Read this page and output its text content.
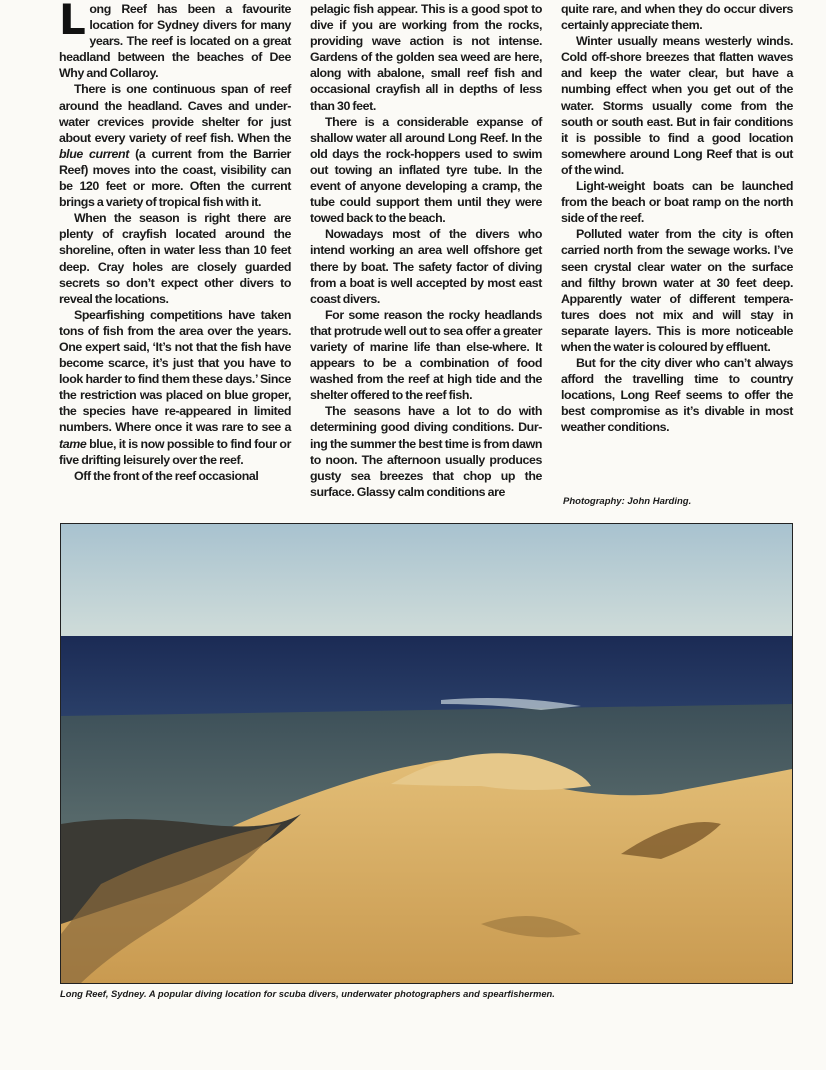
Long Reef has been a favourite location for Sydney divers for many years. The reef is located on a great headland between the beaches of Dee Why and Collaroy.

There is one continuous span of reef around the headland. Caves and under-water crevices provide shelter for just about every variety of reef fish. When the blue current (a current from the Barrier Reef) moves into the coast, visibility can be 120 feet or more. Often the current brings a variety of tropical fish with it.

When the season is right there are plenty of crayfish located around the shoreline, often in water less than 10 feet deep. Cray holes are closely guarded secrets so don’t expect other divers to reveal the locations.

Spearfishing competitions have taken tons of fish from the area over the years. One expert said, ‘It’s not that the fish have become scarce, it’s just that you have to look harder to find them these days.’ Since the restriction was placed on blue groper, the species have re-appeared in limited numbers. Where once it was rare to see a tame blue, it is now possible to find four or five drifting leisurely over the reef.

Off the front of the reef occasional

pelagic fish appear. This is a good spot to dive if you are working from the rocks, providing wave action is not intense. Gardens of the golden sea weed are here, along with abalone, small reef fish and occasional crayfish all in depths of less than 30 feet.

There is a considerable expanse of shallow water all around Long Reef. In the old days the rock-hoppers used to swim out towing an inflated tyre tube. In the event of anyone developing a cramp, the tube could support them until they were towed back to the beach.

Nowadays most of the divers who intend working an area well offshore get there by boat. The safety factor of diving from a boat is well accepted by most east coast divers.

For some reason the rocky headlands that protrude well out to sea offer a greater variety of marine life than else-where. It appears to be a combination of food washed from the reef at high tide and the shelter offered to the reef fish.

The seasons have a lot to do with determining good diving conditions. Dur-ing the summer the best time is from dawn to noon. The afternoon usually produces gusty sea breezes that chop up the surface. Glassy calm conditions are

quite rare, and when they do occur divers certainly appreciate them.

Winter usually means westerly winds. Cold off-shore breezes that flatten waves and keep the water clear, but have a numbing effect when you get out of the water. Storms usually come from the south or south east. But in fair conditions it is possible to find a good location somewhere around Long Reef that is out of the wind.

Light-weight boats can be launched from the beach or boat ramp on the north side of the reef.

Polluted water from the city is often carried north from the sewage works. I’ve seen crystal clear water on the surface and filthy brown water at 30 feet deep. Apparently water of different tempera-tures does not mix and will stay in separate layers. This is more noticeable when the water is coloured by effluent.

But for the city diver who can’t always afford the travelling time to country locations, Long Reef seems to offer the best compromise as it’s divable in most weather conditions.

Photography: John Harding.
Long Reef, Sydney. A popular diving location for scuba divers, underwater photographers and spearfishermen.
